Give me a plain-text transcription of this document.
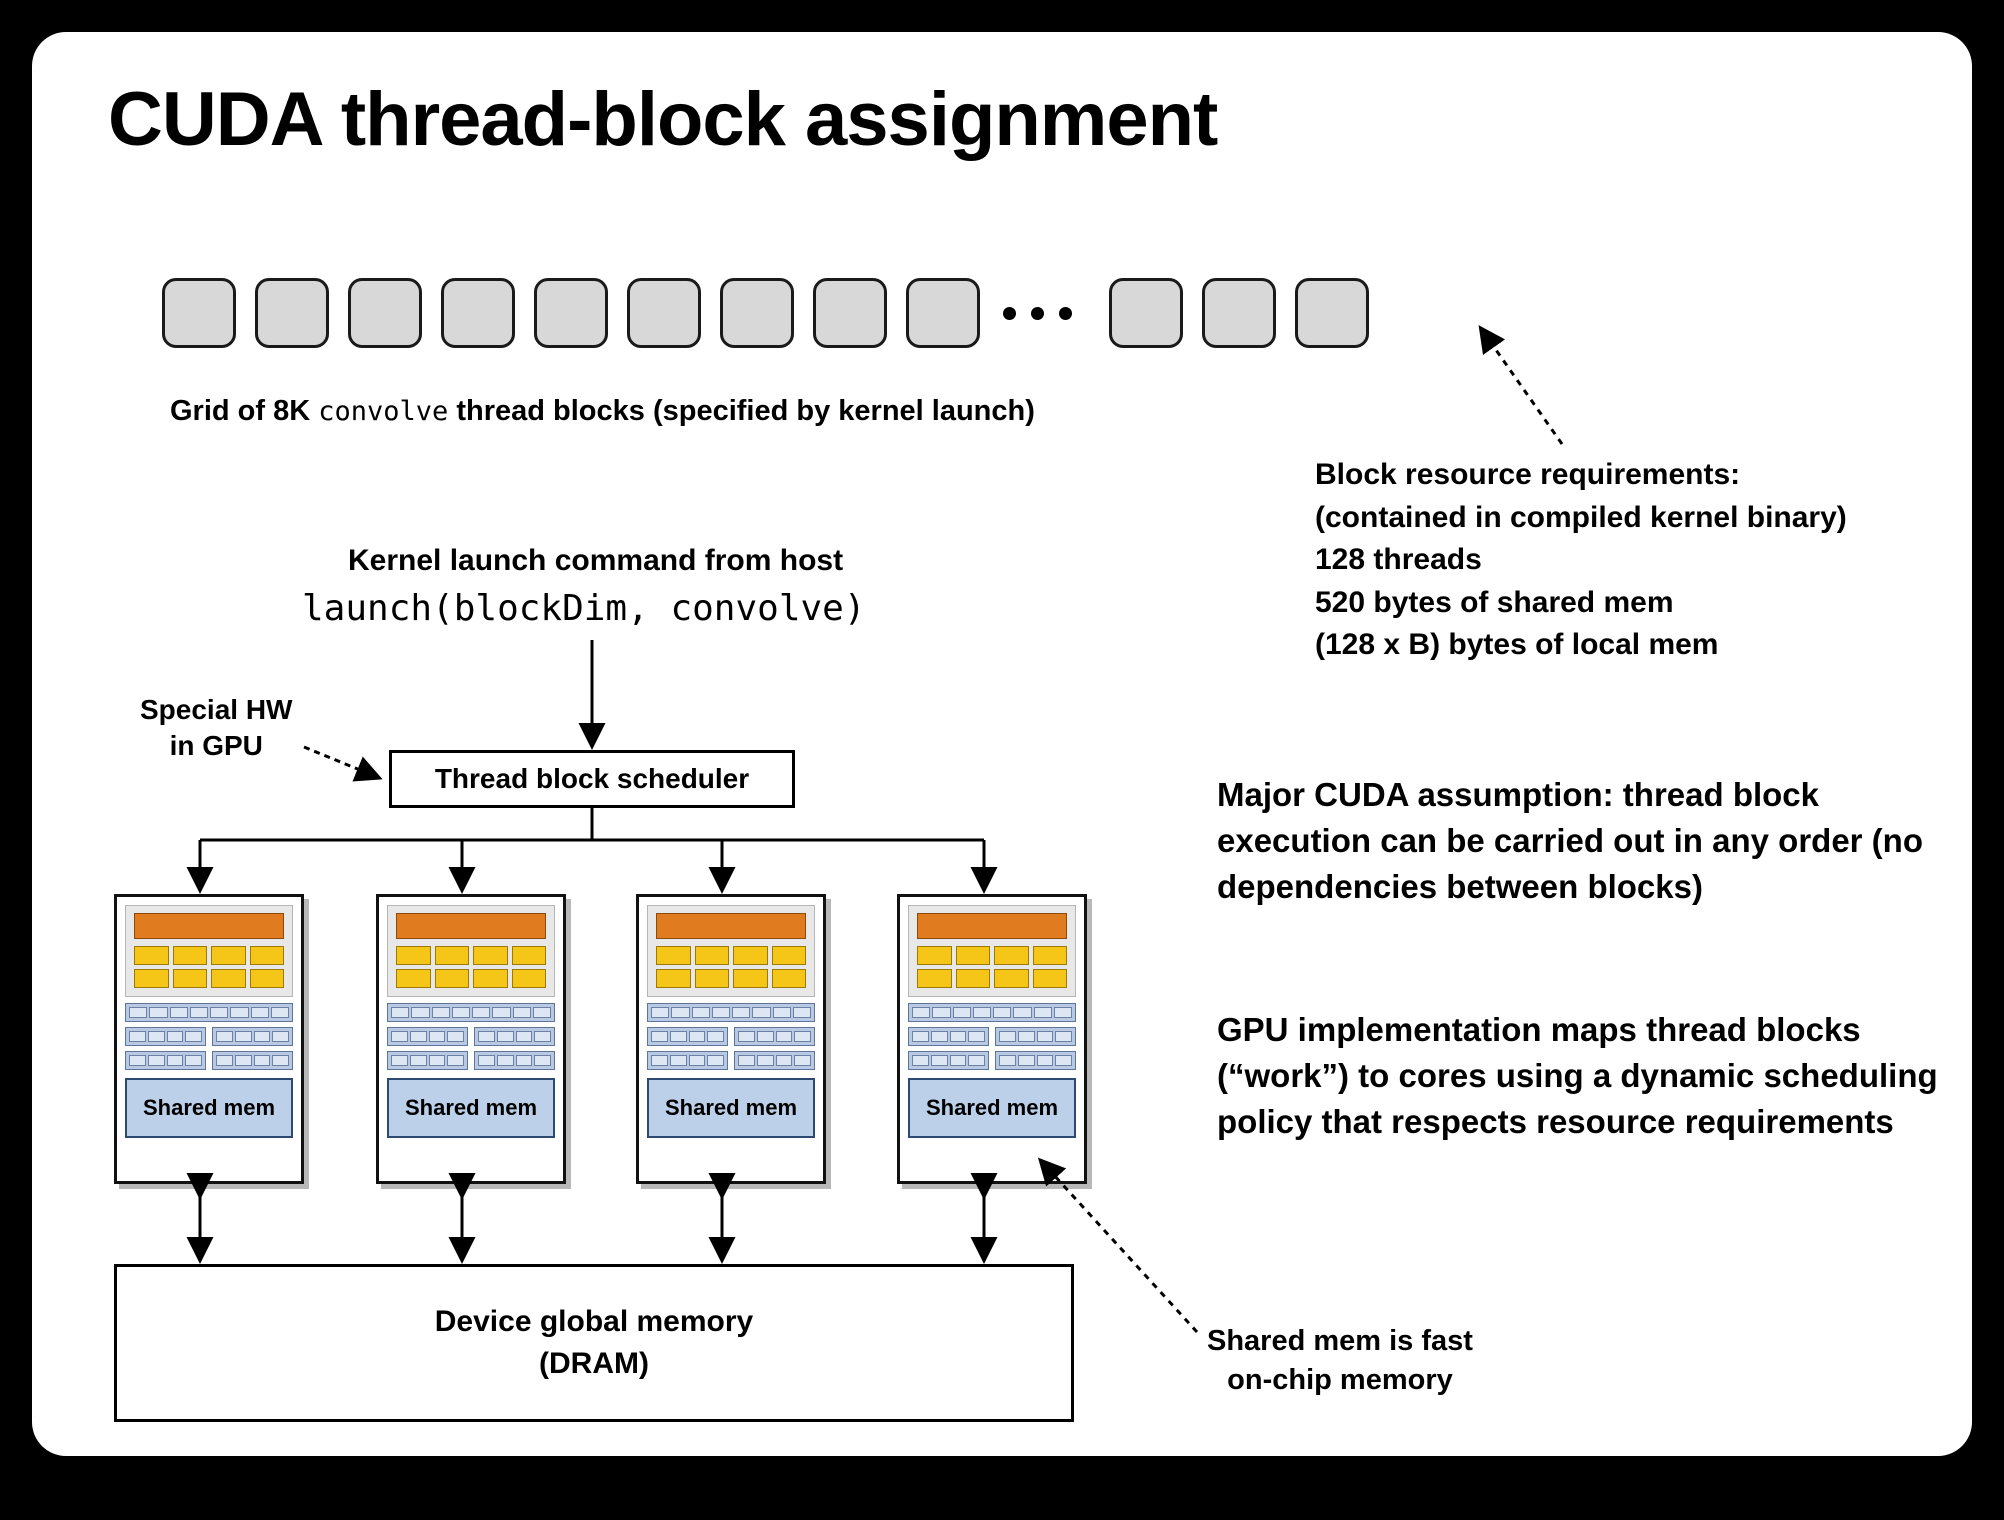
CUDA thread-block assignment
Grid of 8K convolve thread blocks (specified by kernel launch)
Block resource requirements:
(contained in compiled kernel binary)
128 threads
520 bytes of shared mem
(128 x B) bytes of local mem
Major CUDA assumption: thread block execution can be carried out in any order (no dependencies between blocks)
GPU implementation maps thread blocks (“work”) to cores using a dynamic scheduling policy that respects resource requirements
Shared mem is fast
on-chip memory
Kernel launch command from host
launch(blockDim, convolve)
Special HW
in GPU
Thread block scheduler
Shared mem	Shared mem	Shared mem	Shared mem
Device global memory
(DRAM)
